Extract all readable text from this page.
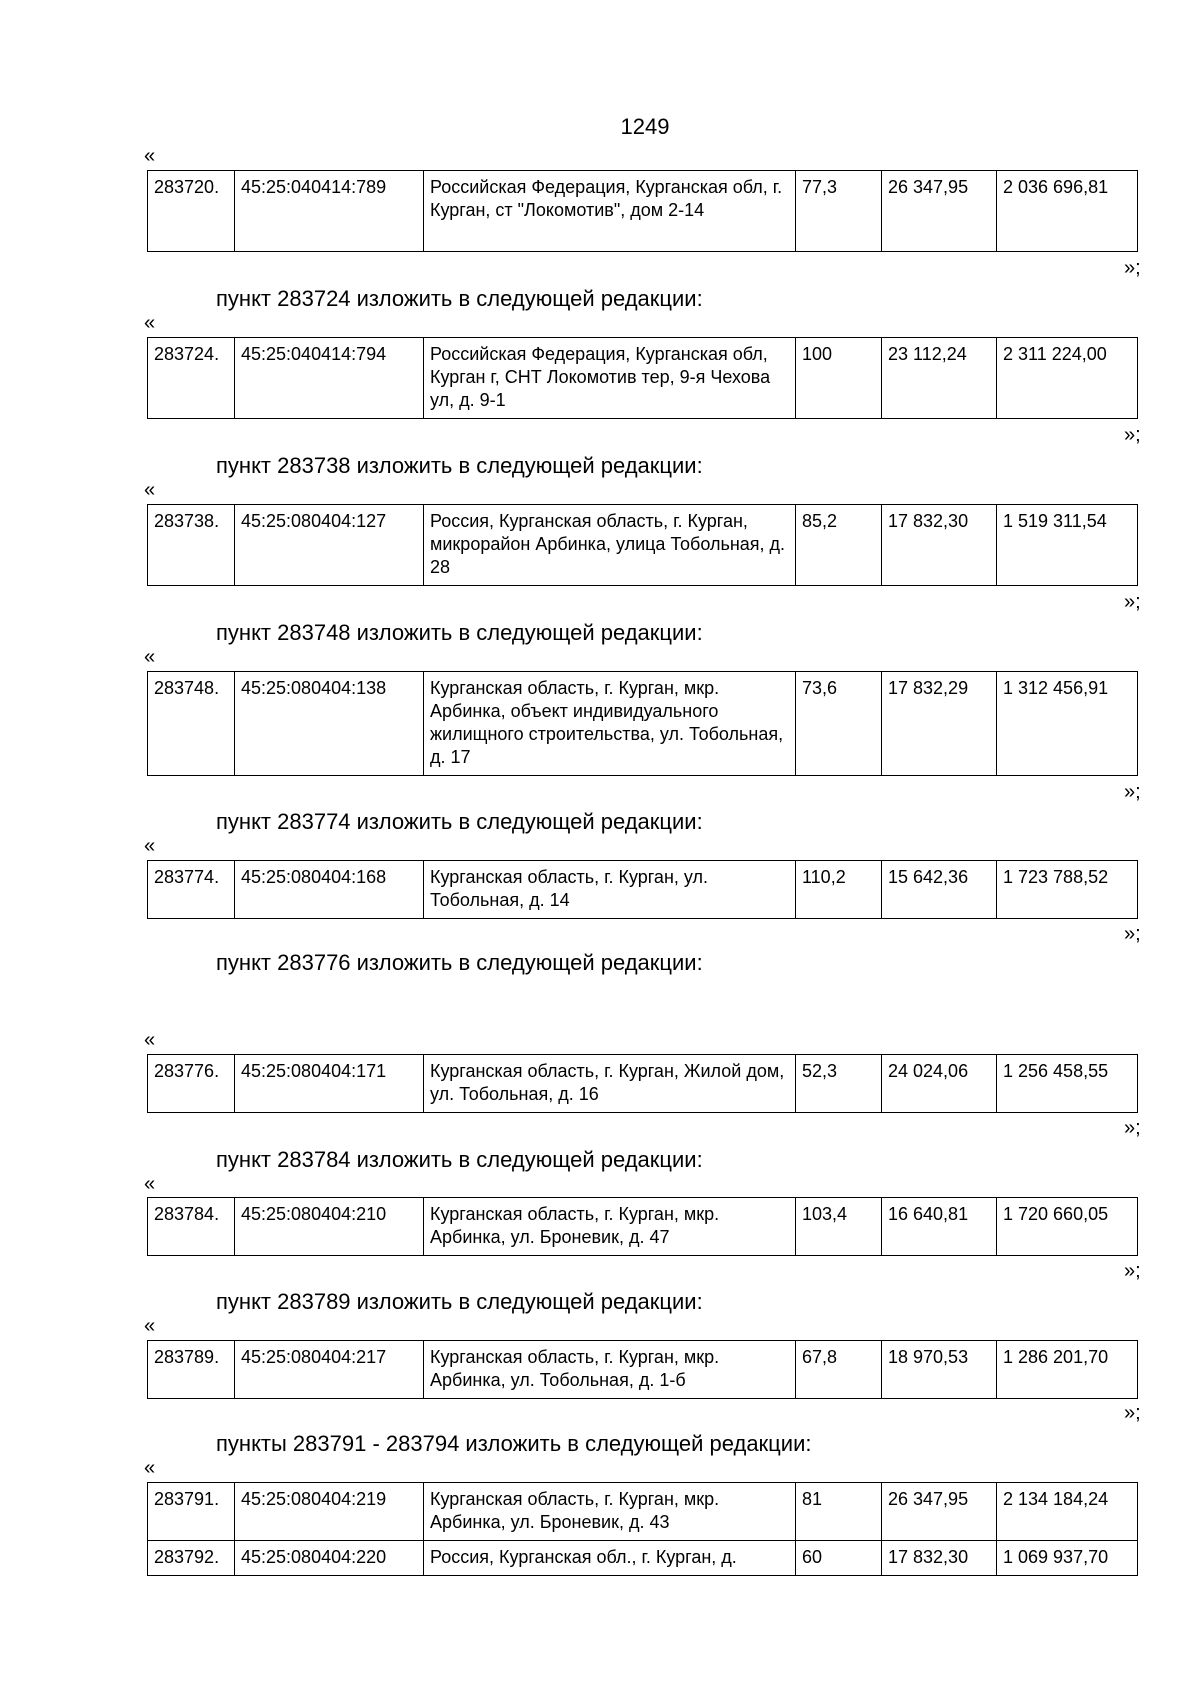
1249
«
283720.	45:25:040414:789	Российская Федерация, Курганская обл, г. Курган, ст "Локомотив", дом 2-14	77,3	26 347,95	2 036 696,81
»;
пункт 283724 изложить в следующей редакции:
«
283724.	45:25:040414:794	Российская Федерация, Курганская обл, Курган г, СНТ Локомотив тер, 9-я Чехова ул, д. 9-1	100	23 112,24	2 311 224,00
»;
пункт 283738 изложить в следующей редакции:
«
283738.	45:25:080404:127	Россия, Курганская область, г. Курган, микрорайон Арбинка, улица Тобольная, д. 28	85,2	17 832,30	1 519 311,54
»;
пункт 283748 изложить в следующей редакции:
«
283748.	45:25:080404:138	Курганская область, г. Курган, мкр. Арбинка, объект индивидуального жилищного строительства, ул. Тобольная, д. 17	73,6	17 832,29	1 312 456,91
»;
пункт 283774 изложить в следующей редакции:
«
283774.	45:25:080404:168	Курганская область, г. Курган, ул. Тобольная, д. 14	110,2	15 642,36	1 723 788,52
»;
пункт 283776 изложить в следующей редакции:
«
283776.	45:25:080404:171	Курганская область, г. Курган, Жилой дом, ул. Тобольная, д. 16	52,3	24 024,06	1 256 458,55
»;
пункт 283784 изложить в следующей редакции:
«
283784.	45:25:080404:210	Курганская область, г. Курган, мкр. Арбинка, ул. Броневик, д. 47	103,4	16 640,81	1 720 660,05
»;
пункт 283789 изложить в следующей редакции:
«
283789.	45:25:080404:217	Курганская область, г. Курган, мкр. Арбинка, ул. Тобольная, д. 1-б	67,8	18 970,53	1 286 201,70
»;
пункты 283791 - 283794 изложить в следующей редакции:
«
283791.	45:25:080404:219	Курганская область, г. Курган, мкр. Арбинка, ул. Броневик, д. 43	81	26 347,95	2 134 184,24
283792.	45:25:080404:220	Россия, Курганская обл., г. Курган, д.	60	17 832,30	1 069 937,70
